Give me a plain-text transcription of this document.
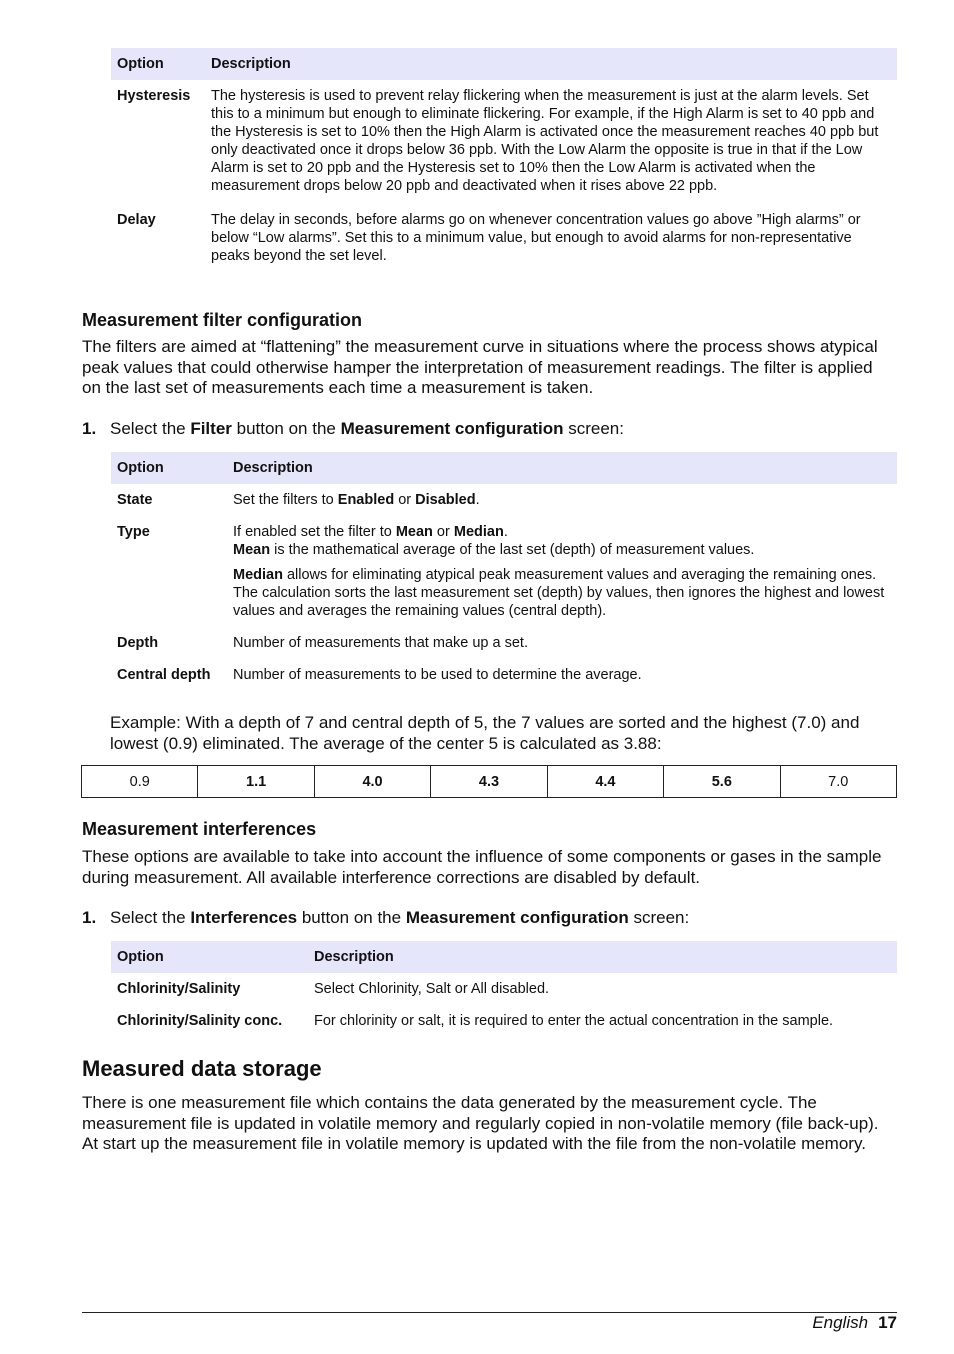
Option	Description
Hysteresis	The hysteresis is used to prevent relay flickering when the measurement is just at the alarm levels. Set this to a minimum but enough to eliminate flickering. For example, if the High Alarm is set to 40 ppb and the Hysteresis is set to 10% then the High Alarm is activated once the measurement reaches 40 ppb but only deactivated once it drops below 36 ppb. With the Low Alarm the opposite is true in that if the Low Alarm is set to 20 ppb and the Hysteresis set to 10% then the Low Alarm is activated when the measurement drops below 20 ppb and deactivated when it rises above 22 ppb.
Delay	The delay in seconds, before alarms go on whenever concentration values go above ”High alarms” or below “Low alarms”. Set this to a minimum value, but enough to avoid alarms for non-representative peaks beyond the set level.
Measurement filter configuration

The filters are aimed at “flattening” the measurement curve in situations where the process shows atypical peak values that could otherwise hamper the interpretation of measurement readings. The filter is applied on the last set of measurements each time a measurement is taken.

1. Select the Filter button on the Measurement configuration screen:

Option	Description
State	Set the filters to Enabled or Disabled.
Type	If enabled set the filter to Mean or Median.
Mean is the mathematical average of the last set (depth) of measurement values.

Median allows for eliminating atypical peak measurement values and averaging the remaining ones. The calculation sorts the last measurement set (depth) by values, then ignores the highest and lowest values and averages the remaining values (central depth).

Depth	Number of measurements that make up a set.
Central depth	Number of measurements to be used to determine the average.

Example: With a depth of 7 and central depth of 5, the 7 values are sorted and the highest (7.0) and lowest (0.9) eliminated. The average of the center 5 is calculated as 3.88:

0.9	1.1	4.0	4.3	4.4	5.6	7.0
Measurement interferences

These options are available to take into account the influence of some components or gases in the sample during measurement. All available interference corrections are disabled by default.

1. Select the Interferences button on the Measurement configuration screen:

Option	Description
Chlorinity/Salinity	Select Chlorinity, Salt or All disabled.
Chlorinity/Salinity conc.	For chlorinity or salt, it is required to enter the actual concentration in the sample.
Measured data storage

There is one measurement file which contains the data generated by the measurement cycle. The measurement file is updated in volatile memory and regularly copied in non-volatile memory (file back-up). At start up the measurement file in volatile memory is updated with the file from the non-volatile memory.

English 17
